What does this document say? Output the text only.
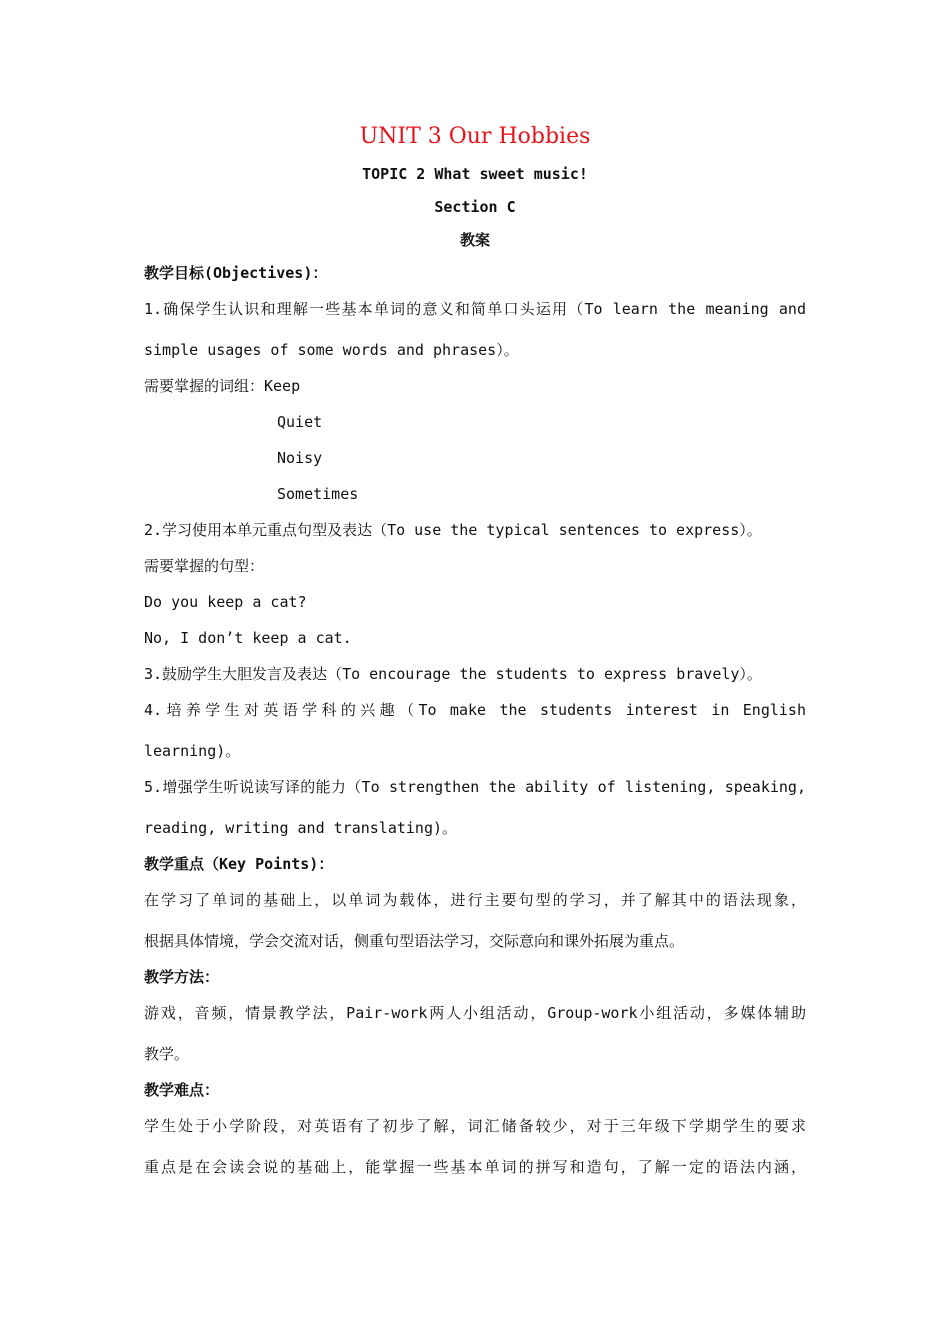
UNIT 3 Our Hobbies
TOPIC 2 What sweet music!
Section C
教案
教学目标(Objectives)：
1.确保学生认识和理解一些基本单词的意义和简单口头运用（To learn the meaning and
simple usages of some words and phrases）。
需要掌握的词组：Keep
Quiet
Noisy
Sometimes
2.学习使用本单元重点句型及表达（To use the typical sentences to express）。
需要掌握的句型：
Do you keep a cat?
No, I don’t keep a cat.
3.鼓励学生大胆发言及表达（To encourage the students to express bravely）。
4.培养学生对英语学科的兴趣（To make the students interest in English
learning)。
5.增强学生听说读写译的能力（To strengthen the ability of listening, speaking,
reading, writing and translating)。
教学重点（Key Points)：
在学习了单词的基础上，以单词为载体，进行主要句型的学习，并了解其中的语法现象，
根据具体情境，学会交流对话，侧重句型语法学习，交际意向和课外拓展为重点。
教学方法：
游戏，音频，情景教学法，Pair-work两人小组活动，Group-work小组活动，多媒体辅助
教学。
教学难点：
学生处于小学阶段，对英语有了初步了解，词汇储备较少，对于三年级下学期学生的要求
重点是在会读会说的基础上，能掌握一些基本单词的拼写和造句，了解一定的语法内涵，
